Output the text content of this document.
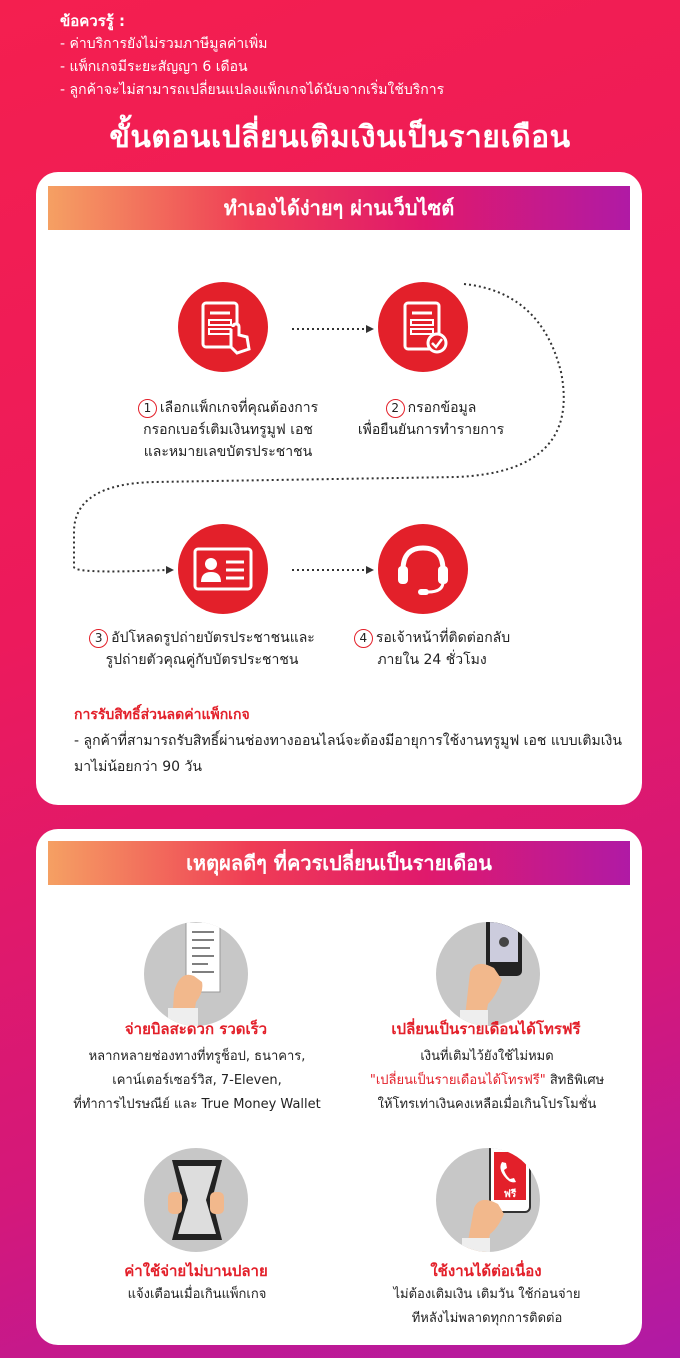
ข้อควรรู้ :
- ค่าบริการยังไม่รวมภาษีมูลค่าเพิ่ม
- แพ็กเกจมีระยะสัญญา 6 เดือน
- ลูกค้าจะไม่สามารถเปลี่ยนแปลงแพ็กเกจได้นับจากเริ่มใช้บริการ
ขั้นตอนเปลี่ยนเติมเงินเป็นรายเดือน
ทำเองได้ง่ายๆ ผ่านเว็บไซต์
1 เลือกแพ็กเกจที่คุณต้องการ
กรอกเบอร์เติมเงินทรูมูฟ เอช
และหมายเลขบัตรประชาชน
2 กรอกข้อมูล
เพื่อยืนยันการทำรายการ
3 อัปโหลดรูปถ่ายบัตรประชาชนและ
รูปถ่ายตัวคุณคู่กับบัตรประชาชน
4 รอเจ้าหน้าที่ติดต่อกลับ
ภายใน 24 ชั่วโมง
การรับสิทธิ์ส่วนลดค่าแพ็กเกจ
- ลูกค้าที่สามารถรับสิทธิ์ผ่านช่องทางออนไลน์จะต้องมีอายุการใช้งานทรูมูฟ เอช แบบเติมเงินมาไม่น้อยกว่า 90 วัน
เหตุผลดีๆ ที่ควรเปลี่ยนเป็นรายเดือน
จ่ายบิลสะดวก รวดเร็ว
หลากหลายช่องทางที่ทรูช็อป, ธนาคาร,
เคาน์เตอร์เซอร์วิส, 7-Eleven,
ที่ทำการไปรษณีย์ และ True Money Wallet
เปลี่ยนเป็นรายเดือนได้โทรฟรี
เงินที่เติมไว้ยังใช้ไม่หมด
"เปลี่ยนเป็นรายเดือนได้โทรฟรี" สิทธิพิเศษ
ให้โทรเท่าเงินคงเหลือเมื่อเกินโปรโมชั่น
ค่าใช้จ่ายไม่บานปลาย
แจ้งเตือนเมื่อเกินแพ็กเกจ
ฟรี
ใช้งานได้ต่อเนื่อง
ไม่ต้องเติมเงิน เติมวัน ใช้ก่อนจ่าย
ทีหลังไม่พลาดทุกการติดต่อ
